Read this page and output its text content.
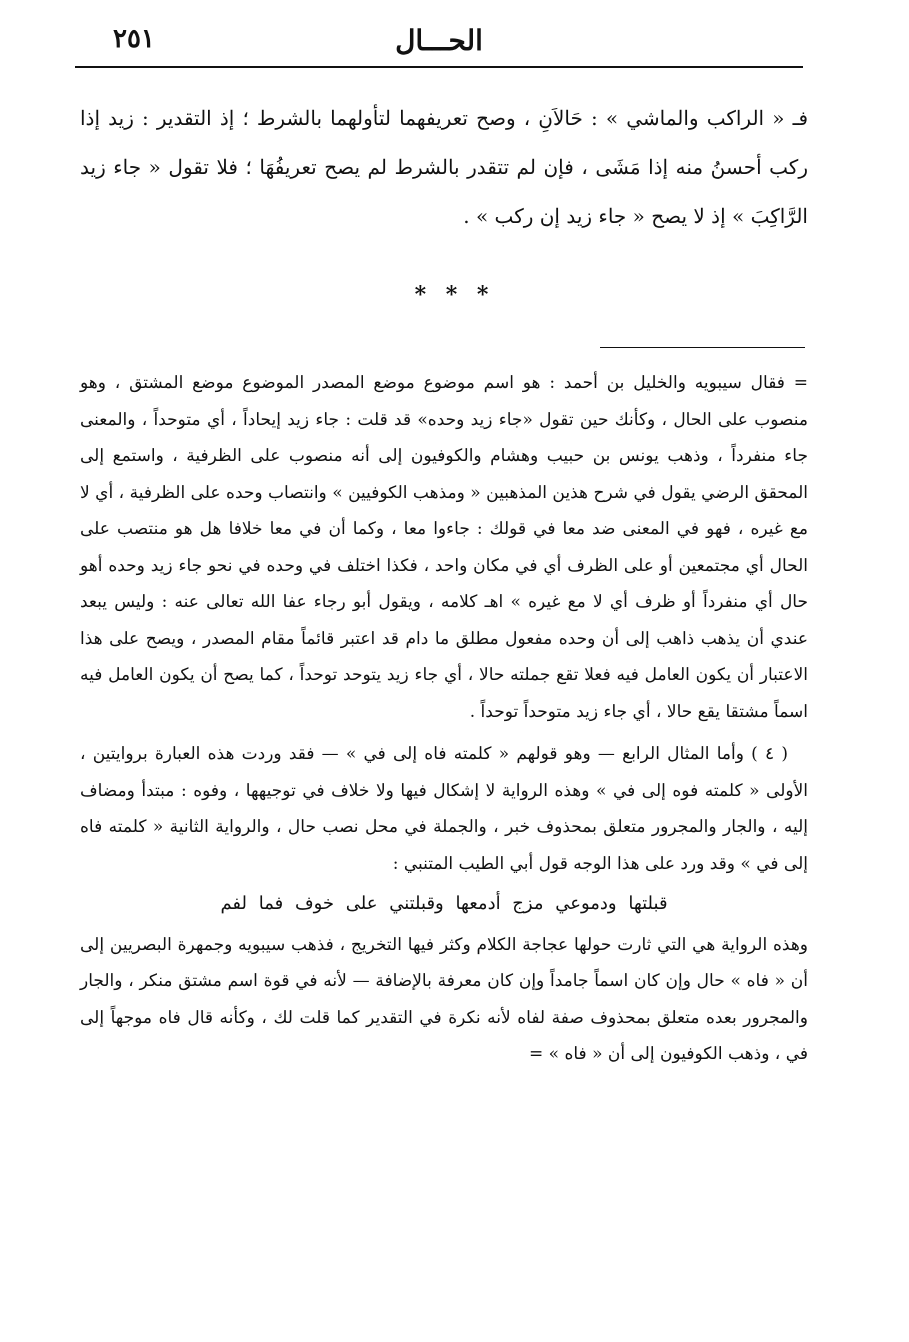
٢٥١	الحـــال

فـ « الراكب والماشي » : حَالاَنِ ، وصح تعريفهما لتأولهما بالشرط ؛ إذ التقدير : زيد إذا ركب أحسنُ منه إذا مَشَى ، فإن لم تتقدر بالشرط لم يصح تعريفُهَا ؛ فلا تقول « جاء زيد الرَّاكِبَ » إذ لا يصح « جاء زيد إن ركب » .

* * *

= فقال سيبويه والخليل بن أحمد : هو اسم موضوع موضع المصدر الموضوع موضع المشتق ، وهو منصوب على الحال ، وكأنك حين تقول «جاء زيد وحده» قد قلت : جاء زيد إيحاداً ، أي متوحداً ، والمعنى جاء منفرداً ، وذهب يونس بن حبيب وهشام والكوفيون إلى أنه منصوب على الظرفية ، واستمع إلى المحقق الرضي يقول في شرح هذين المذهبين « ومذهب الكوفيين » وانتصاب وحده على الظرفية ، أي لا مع غيره ، فهو في المعنى ضد معا في قولك : جاءوا معا ، وكما أن في معا خلافا هل هو منتصب على الحال أي مجتمعين أو على الظرف أي في مكان واحد ، فكذا اختلف في وحده في نحو جاء زيد وحده أهو حال أي منفرداً أو ظرف أي لا مع غيره » اهـ كلامه ، ويقول أبو رجاء عفا الله تعالى عنه : وليس يبعد عندي أن يذهب ذاهب إلى أن وحده مفعول مطلق ما دام قد اعتبر قائماً مقام المصدر ، ويصح على هذا الاعتبار أن يكون العامل فيه فعلا تقع جملته حالا ، أي جاء زيد يتوحد توحداً ، كما يصح أن يكون العامل فيه اسماً مشتقا يقع حالا ، أي جاء زيد متوحداً توحداً .

( ٤ ) وأما المثال الرابع — وهو قولهم « كلمته فاه إلى في » — فقد وردت هذه العبارة بروايتين ، الأولى « كلمته فوه إلى في » وهذه الرواية لا إشكال فيها ولا خلاف في توجيهها ، وفوه : مبتدأ ومضاف إليه ، والجار والمجرور متعلق بمحذوف خبر ، والجملة في محل نصب حال ، والرواية الثانية « كلمته فاه إلى في » وقد ورد على هذا الوجه قول أبي الطيب المتنبي :

قبلتها ودموعي مزج أدمعها وقبلتني على خوف فما لفم

وهذه الرواية هي التي ثارت حولها عجاجة الكلام وكثر فيها التخريج ، فذهب سيبويه وجمهرة البصريين إلى أن « فاه » حال وإن كان اسماً جامداً وإن كان معرفة بالإضافة — لأنه في قوة اسم مشتق منكر ، والجار والمجرور بعده متعلق بمحذوف صفة لفاه لأنه نكرة في التقدير كما قلت لك ، وكأنه قال فاه موجهاً إلى في ، وذهب الكوفيون إلى أن « فاه » =
